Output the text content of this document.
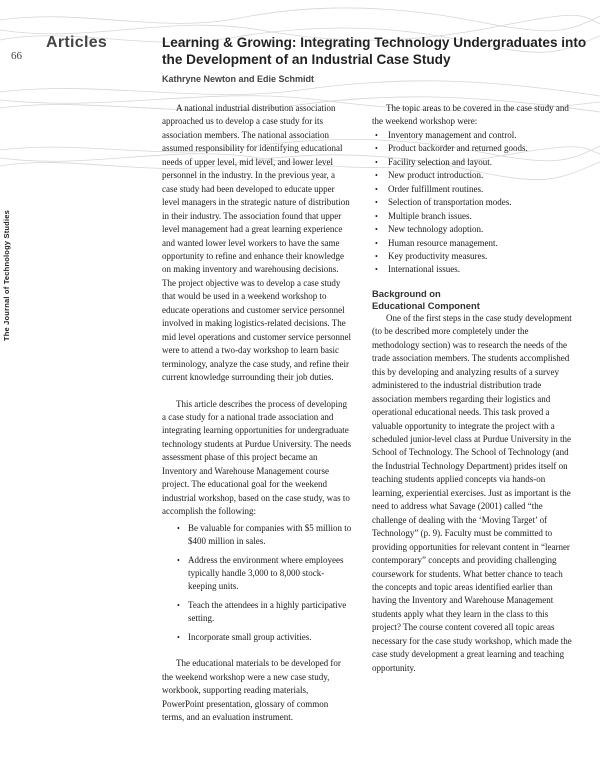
66
The Journal of Technology Studies
Articles	Learning & Growing: Integrating Technology Undergraduates into the Development of an Industrial Case Study
Kathryne Newton and Edie Schmidt

A national industrial distribution association approached us to develop a case study for its association members. The national association assumed responsibility for identifying educational needs of upper level, mid level, and lower level personnel in the industry. In the previous year, a case study had been developed to educate upper level managers in the strategic nature of distribution in their industry. The association found that upper level management had a great learning experience and wanted lower level workers to have the same opportunity to refine and enhance their knowledge on making inventory and warehousing decisions. The project objective was to develop a case study that would be used in a weekend workshop to educate operations and customer service personnel involved in making logistics-related decisions. The mid level operations and customer service personnel were to attend a two-day workshop to learn basic terminology, analyze the case study, and refine their current knowledge surrounding their job duties.

This article describes the process of developing a case study for a national trade association and integrating learning opportunities for undergraduate technology students at Purdue University. The needs assessment phase of this project became an Inventory and Warehouse Management course project. The educational goal for the weekend industrial workshop, based on the case study, was to accomplish the following:

• Be valuable for companies with $5 million to $400 million in sales.
• Address the environment where employees typically handle 3,000 to 8,000 stock-keeping units.
• Teach the attendees in a highly participative setting.
• Incorporate small group activities.

The educational materials to be developed for the weekend workshop were a new case study, workbook, supporting reading materials, PowerPoint presentation, glossary of common terms, and an evaluation instrument.

The topic areas to be covered in the case study and the weekend workshop were:

• Inventory management and control.
• Product backorder and returned goods.
• Facility selection and layout.
• New product introduction.
• Order fulfillment routines.
• Selection of transportation modes.
• Multiple branch issues.
• New technology adoption.
• Human resource management.
• Key productivity measures.
• International issues.
Background on
Educational Component

One of the first steps in the case study development (to be described more completely under the methodology section) was to research the needs of the trade association members. The students accomplished this by developing and analyzing results of a survey administered to the industrial distribution trade association members regarding their logistics and operational educational needs. This task proved a valuable opportunity to integrate the project with a scheduled junior-level class at Purdue University in the School of Technology. The School of Technology (and the Industrial Technology Department) prides itself on teaching students applied concepts via hands-on learning, experiential exercises. Just as important is the need to address what Savage (2001) called “the challenge of dealing with the ‘Moving Target’ of Technology” (p. 9). Faculty must be committed to providing opportunities for relevant content in “learner contemporary” concepts and providing challenging coursework for students. What better chance to teach the concepts and topic areas identified earlier than having the Inventory and Warehouse Management students apply what they learn in the class to this project? The course content covered all topic areas necessary for the case study workshop, which made the case study development a great learning and teaching opportunity.
